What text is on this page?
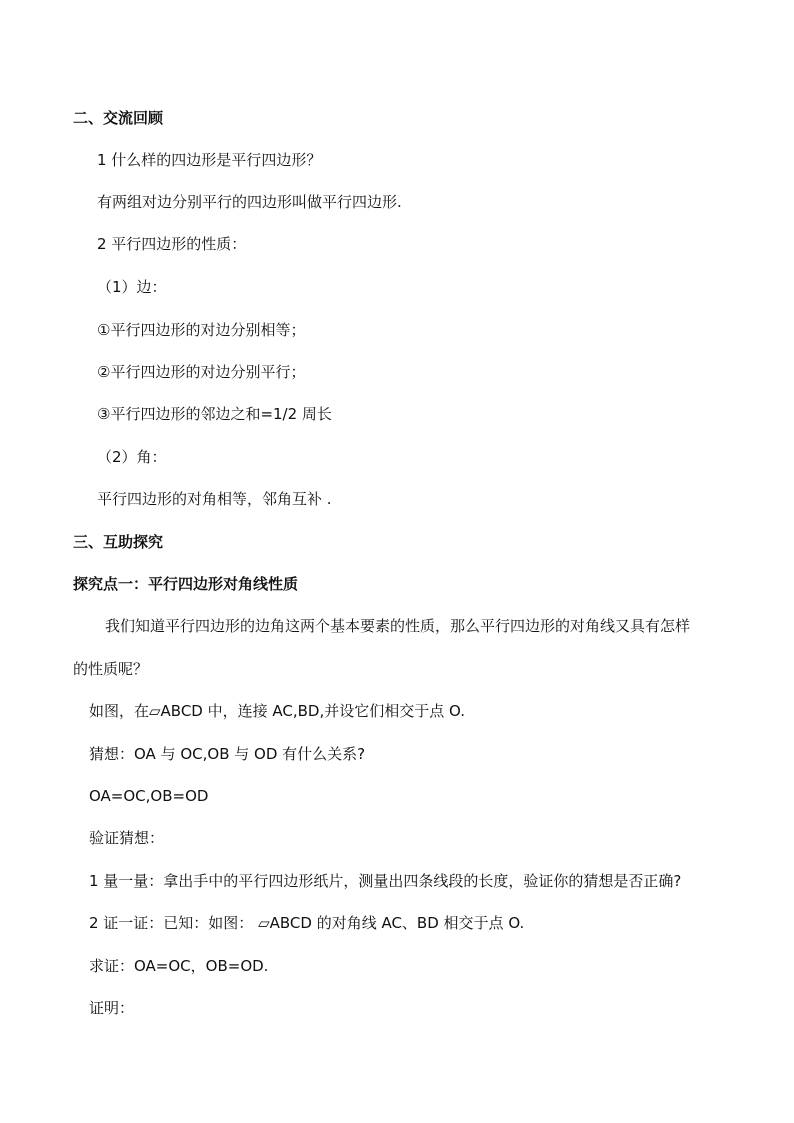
二、交流回顾
1 什么样的四边形是平行四边形？
有两组对边分别平行的四边形叫做平行四边形.
2 平行四边形的性质：
（1）边：
①平行四边形的对边分别相等；
②平行四边形的对边分别平行；
③平行四边形的邻边之和=1/2 周长
（2）角：
平行四边形的对角相等，邻角互补 .
三、互助探究
探究点一：平行四边形对角线性质
我们知道平行四边形的边角这两个基本要素的性质，那么平行四边形的对角线又具有怎样
的性质呢？
如图，在▱ABCD 中，连接 AC,BD,并设它们相交于点 O.
猜想：OA 与 OC,OB 与 OD 有什么关系?
OA=OC,OB=OD
验证猜想：
1 量一量：拿出手中的平行四边形纸片，测量出四条线段的长度，验证你的猜想是否正确?
2 证一证：已知：如图： ▱ABCD 的对角线 AC、BD 相交于点 O.
求证：OA=OC，OB=OD.
证明：
